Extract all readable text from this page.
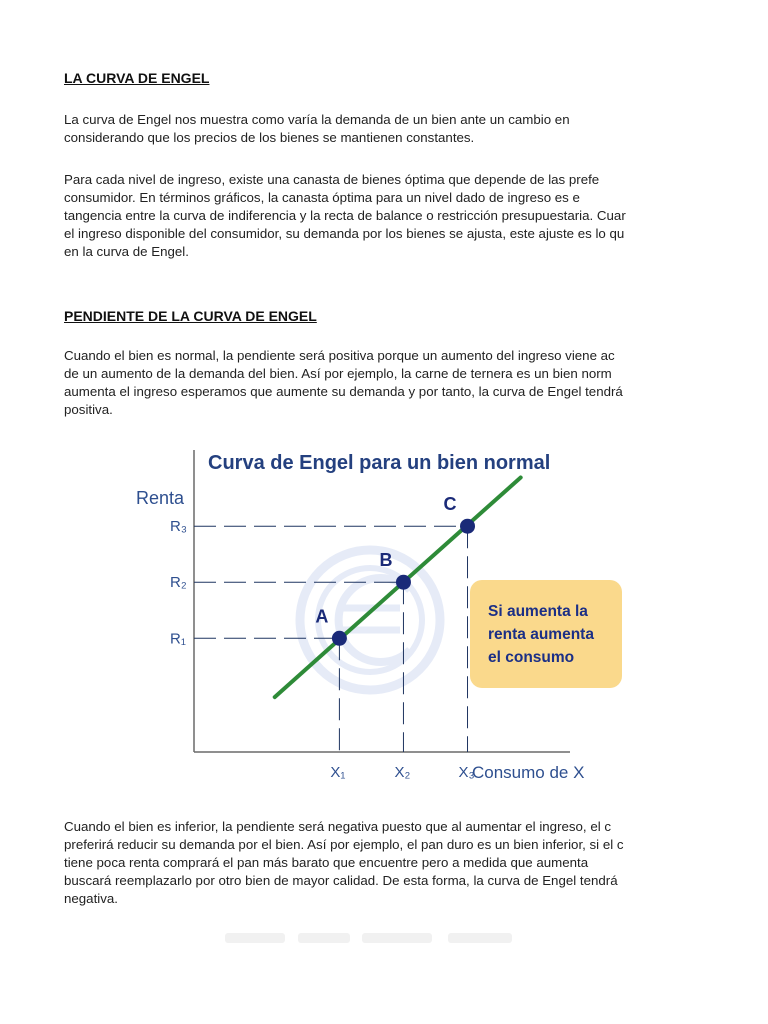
LA CURVA DE ENGEL
La curva de Engel nos muestra como varía la demanda de un bien ante un cambio en
considerando que los precios de los bienes se mantienen constantes.
Para cada nivel de ingreso, existe una canasta de bienes óptima que depende de las prefe
consumidor. En términos gráficos, la canasta óptima para un nivel dado de ingreso es e
tangencia entre la curva de indiferencia y la recta de balance o restricción presupuestaria. Cuar
el ingreso disponible del consumidor, su demanda por los bienes se ajusta, este ajuste es lo qu
en la curva de Engel.
PENDIENTE DE LA CURVA DE ENGEL
Cuando el bien es normal, la pendiente será positiva porque un aumento del ingreso viene ac
de un aumento de la demanda del bien. Así por ejemplo, la carne de ternera es un bien norm
aumenta el ingreso esperamos que aumente su demanda y por tanto, la curva de Engel tendrá
positiva.
Curva de Engel para un bien normal
Renta
Consumo de X
R₁
X₁
R₂
X₂
R₃
X₃
A
B
C
Si aumenta la
renta aumenta
el consumo
Cuando el bien es inferior, la pendiente será negativa puesto que al aumentar el ingreso, el c
preferirá reducir su demanda por el bien. Así por ejemplo, el pan duro es un bien inferior, si el c
tiene poca renta comprará el pan más barato que encuentre pero a medida que aumenta
buscará reemplazarlo por otro bien de mayor calidad. De esta forma, la curva de Engel tendrá
negativa.
